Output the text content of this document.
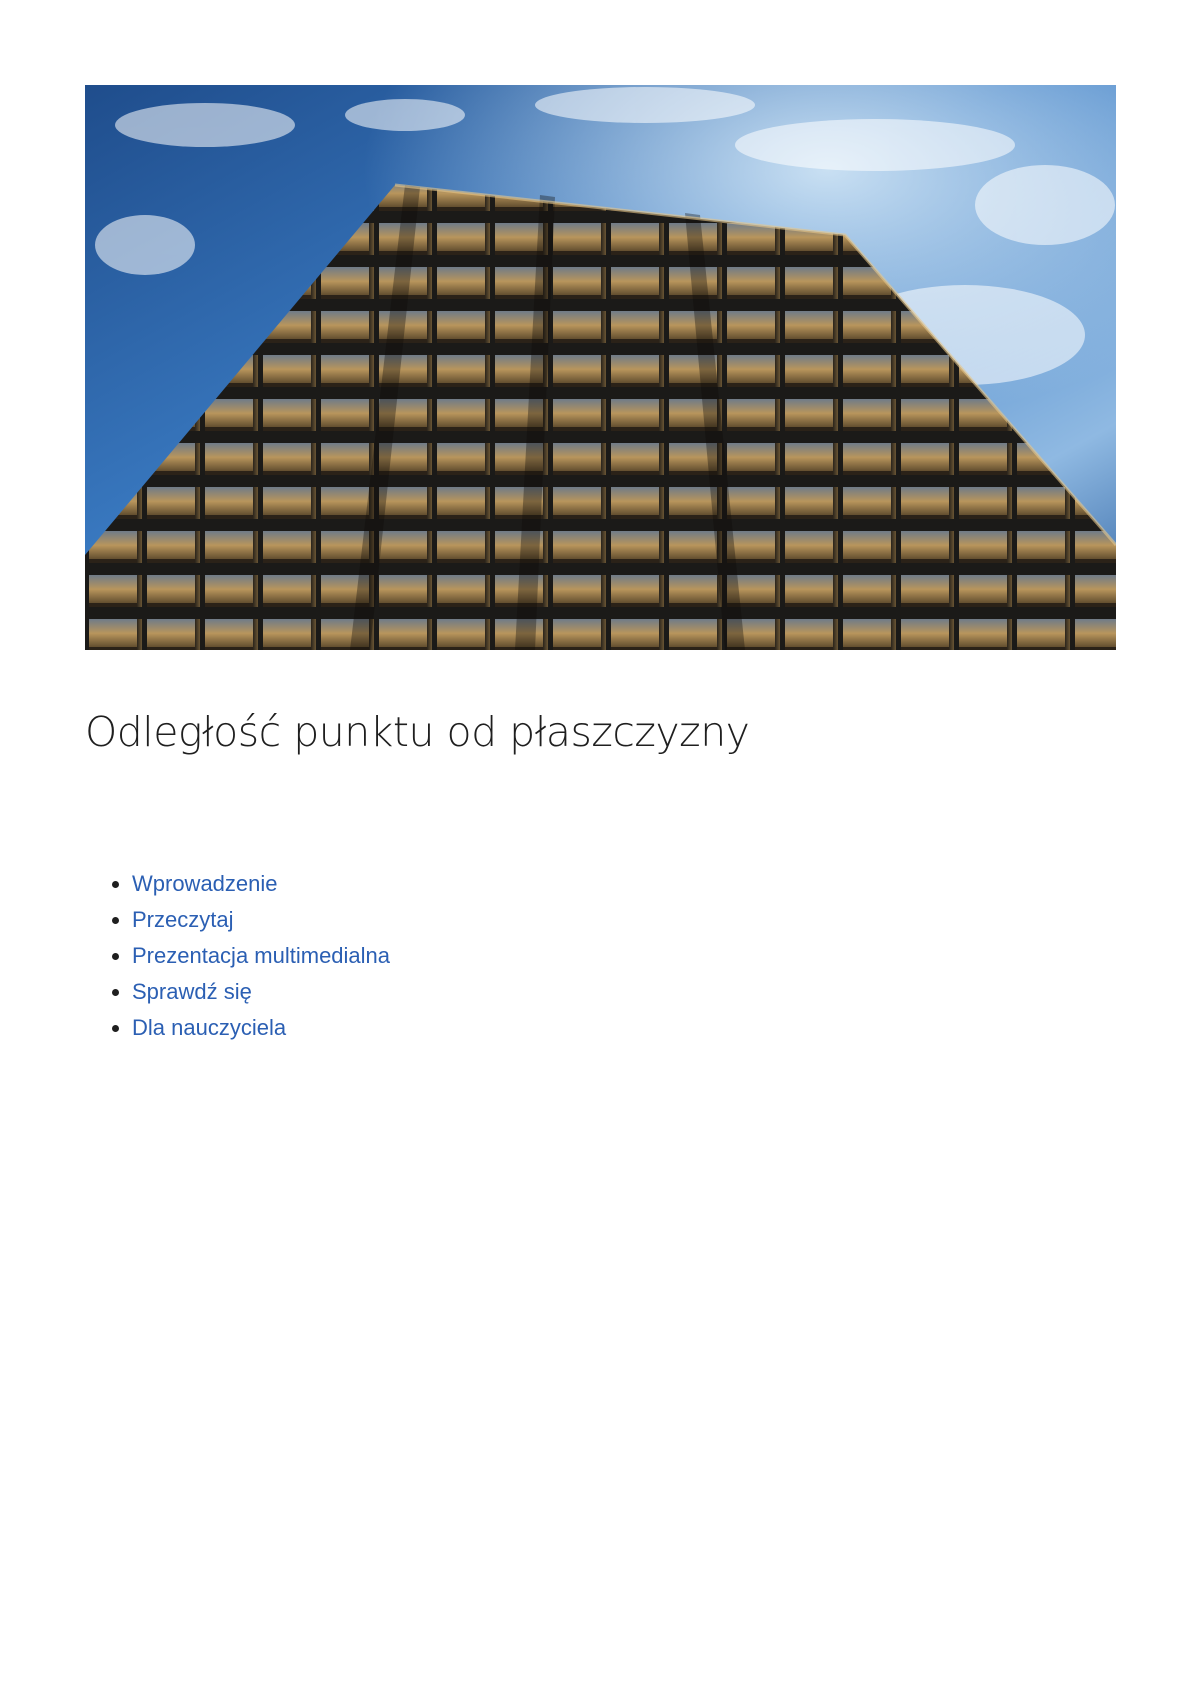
Odległość punktu od płaszczyzny
• Wprowadzenie
• Przeczytaj
• Prezentacja multimedialna
• Sprawdź się
• Dla nauczyciela
